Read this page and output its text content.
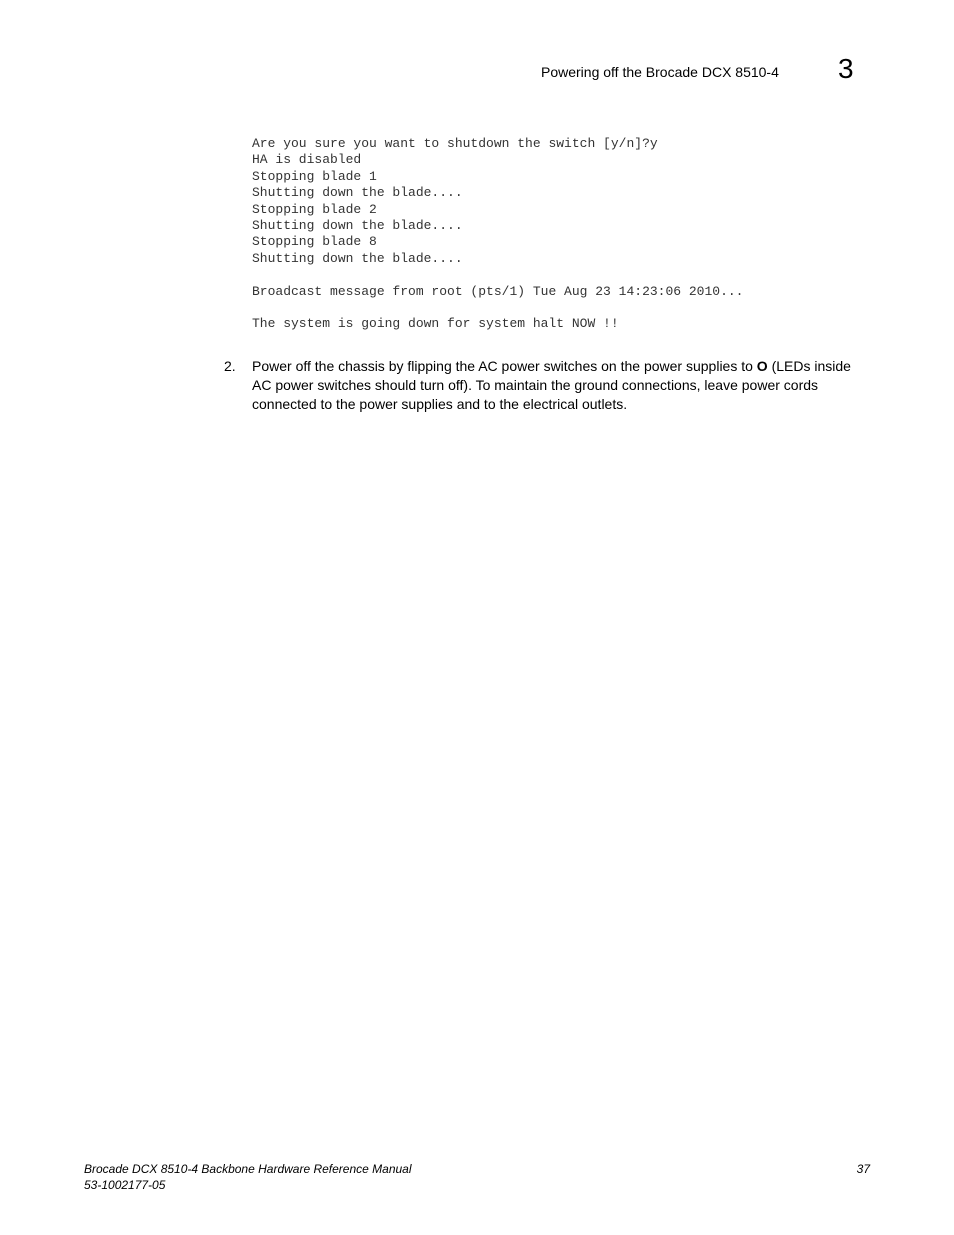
Powering off the Brocade DCX 8510-4 3
Are you sure you want to shutdown the switch [y/n]?y
HA is disabled
Stopping blade 1
Shutting down the blade....
Stopping blade 2
Shutting down the blade....
Stopping blade 8
Shutting down the blade....
Broadcast message from root (pts/1) Tue Aug 23 14:23:06 2010...
The system is going down for system halt NOW !!
2. Power off the chassis by flipping the AC power switches on the power supplies to O (LEDs inside AC power switches should turn off). To maintain the ground connections, leave power cords connected to the power supplies and to the electrical outlets.
Brocade DCX 8510-4 Backbone Hardware Reference Manual
53-1002177-05
37
